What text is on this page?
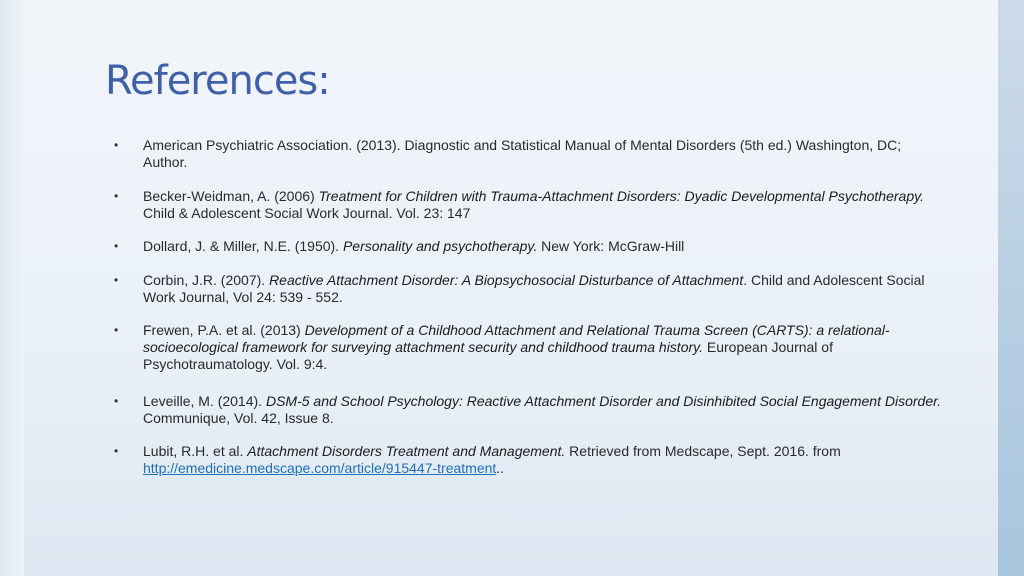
References:
• American Psychiatric Association. (2013). Diagnostic and Statistical Manual of Mental Disorders (5th ed.) Washington, DC; Author.
• Becker-Weidman, A. (2006) Treatment for Children with Trauma-Attachment Disorders: Dyadic Developmental Psychotherapy. Child & Adolescent Social Work Journal. Vol. 23: 147
• Dollard, J. & Miller, N.E. (1950). Personality and psychotherapy. New York: McGraw-Hill
• Corbin, J.R. (2007). Reactive Attachment Disorder: A Biopsychosocial Disturbance of Attachment. Child and Adolescent Social Work Journal, Vol 24: 539 - 552.
• Frewen, P.A. et al. (2013) Development of a Childhood Attachment and Relational Trauma Screen (CARTS): a relational-socioecological framework for surveying attachment security and childhood trauma history. European Journal of Psychotraumatology. Vol. 9:4.
• Leveille, M. (2014). DSM-5 and School Psychology: Reactive Attachment Disorder and Disinhibited Social Engagement Disorder. Communique, Vol. 42, Issue 8.
• Lubit, R.H. et al. Attachment Disorders Treatment and Management. Retrieved from Medscape, Sept. 2016. from http://emedicine.medscape.com/article/915447-treatment..
